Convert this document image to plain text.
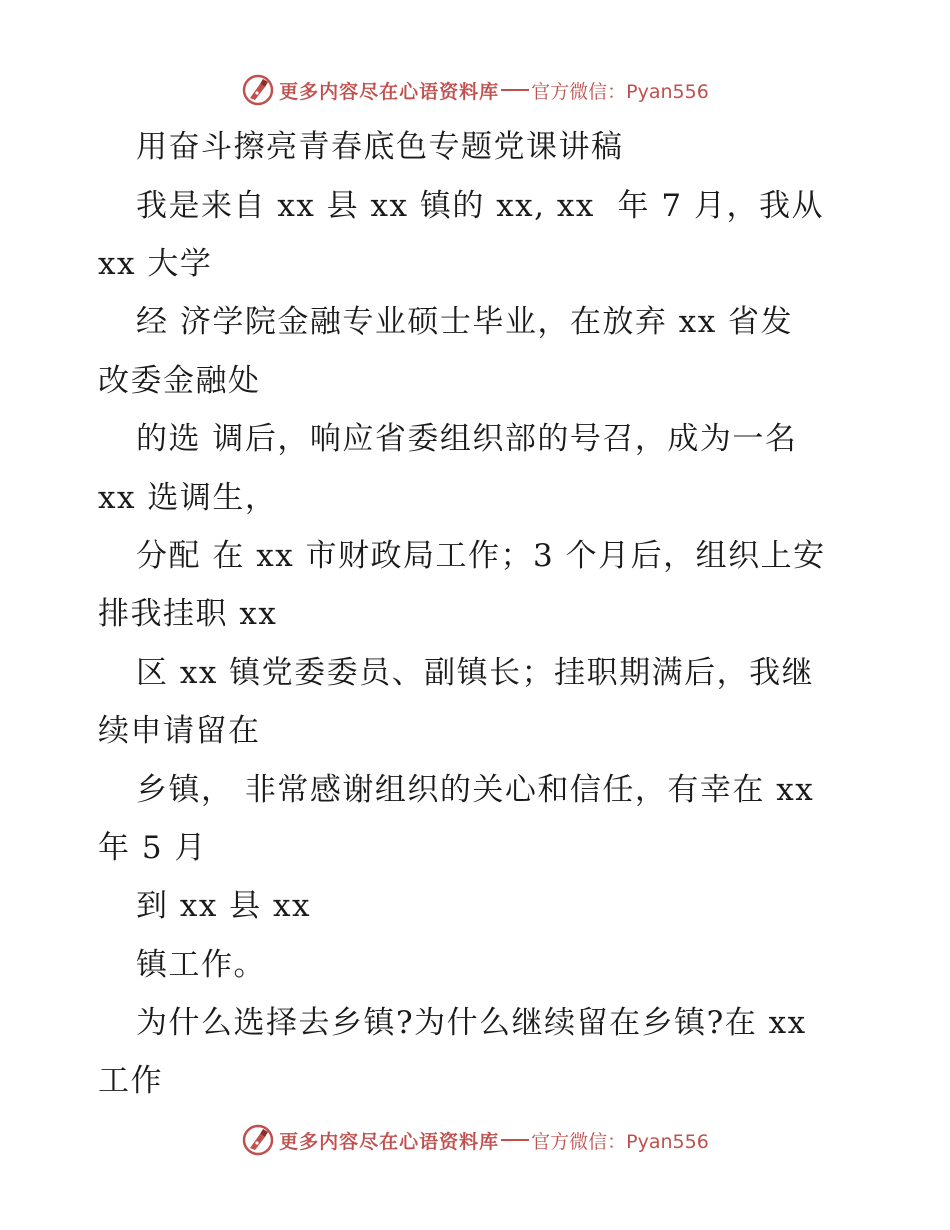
更多内容尽在心语资料库 官方微信：Pyan556
用奋斗擦亮青春底色专题党课讲稿
我是来自 xx 县 xx 镇的 xx, xx  年 7 月，我从
xx 大学
经 济学院金融专业硕士毕业，在放弃 xx 省发
改委金融处
的选 调后，响应省委组织部的号召，成为一名
xx 选调生，
分配 在 xx 市财政局工作；3 个月后，组织上安
排我挂职 xx
区 xx 镇党委委员、副镇长；挂职期满后，我继
续申请留在
乡镇， 非常感谢组织的关心和信任，有幸在 xx
年 5 月
到 xx 县 xx
镇工作。
为什么选择去乡镇?为什么继续留在乡镇?在 xx
工作
更多内容尽在心语资料库 官方微信：Pyan556
